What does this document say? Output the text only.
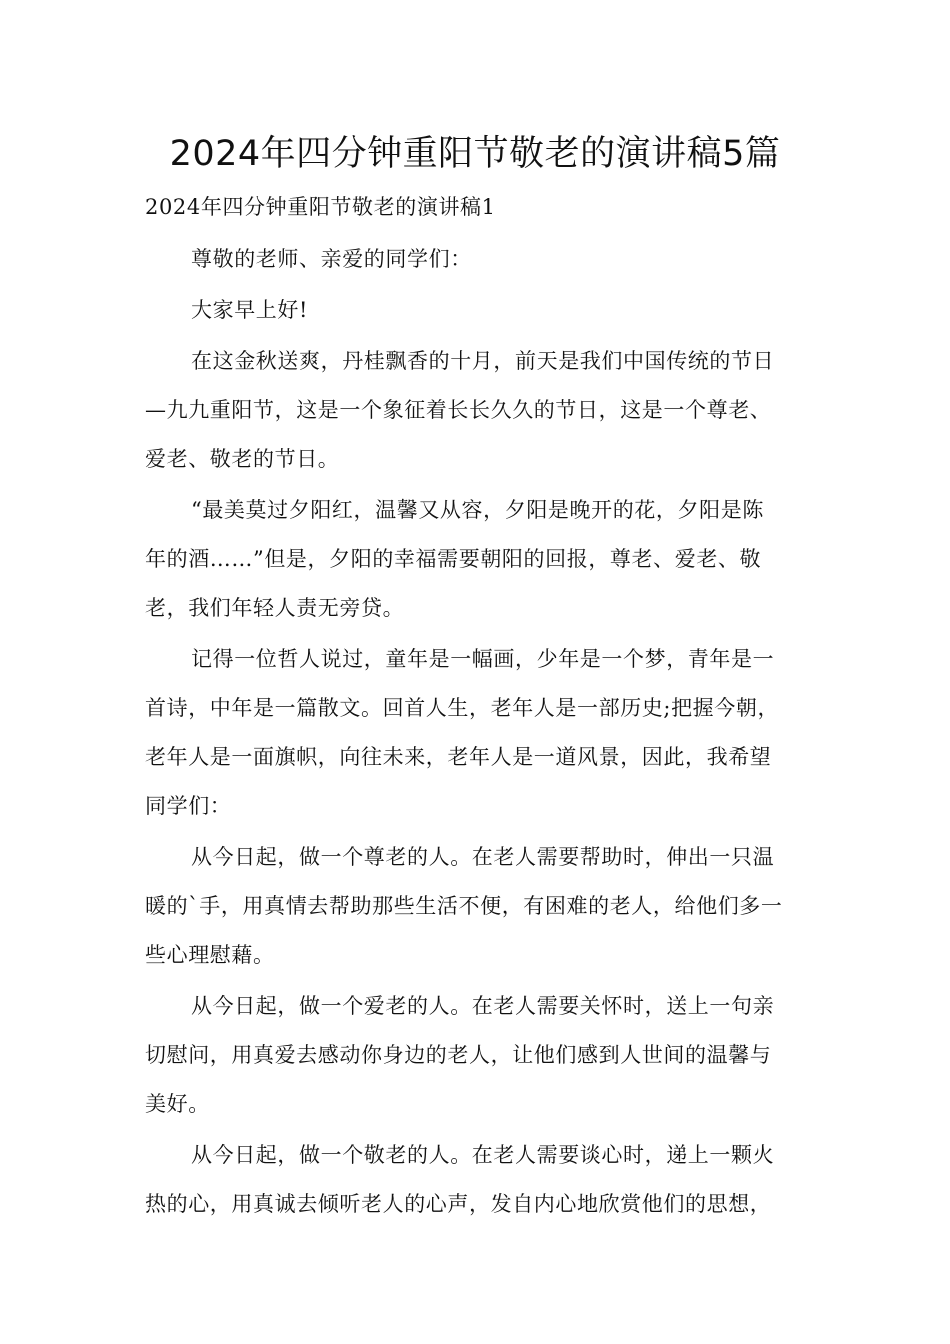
2024年四分钟重阳节敬老的演讲稿5篇

2024年四分钟重阳节敬老的演讲稿1

尊敬的老师、亲爱的同学们：

大家早上好!

在这金秋送爽，丹桂飘香的十月，前天是我们中国传统的节日
—九九重阳节，这是一个象征着长长久久的节日，这是一个尊老、
爱老、敬老的节日。

“最美莫过夕阳红，温馨又从容，夕阳是晚开的花，夕阳是陈
年的酒……”但是，夕阳的幸福需要朝阳的回报，尊老、爱老、敬
老，我们年轻人责无旁贷。

记得一位哲人说过，童年是一幅画，少年是一个梦，青年是一
首诗，中年是一篇散文。回首人生，老年人是一部历史;把握今朝，
老年人是一面旗帜，向往未来，老年人是一道风景，因此，我希望
同学们：

从今日起，做一个尊老的人。在老人需要帮助时，伸出一只温
暖的`手，用真情去帮助那些生活不便，有困难的老人，给他们多一
些心理慰藉。

从今日起，做一个爱老的人。在老人需要关怀时，送上一句亲
切慰问，用真爱去感动你身边的老人，让他们感到人世间的温馨与
美好。

从今日起，做一个敬老的人。在老人需要谈心时，递上一颗火
热的心，用真诚去倾听老人的心声，发自内心地欣赏他们的思想，
